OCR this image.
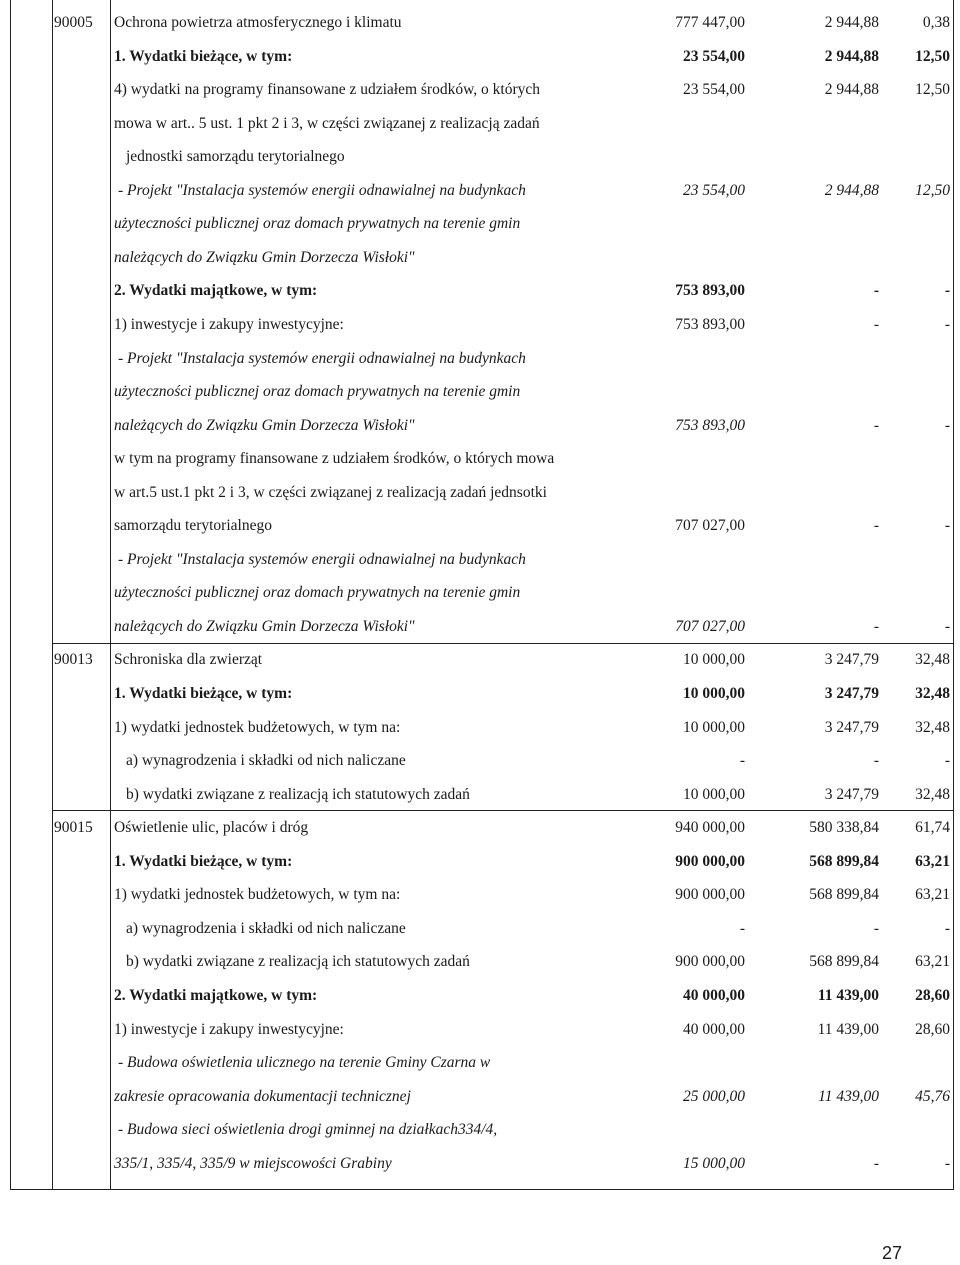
90005	Ochrona powietrza atmosferycznego i klimatu	777 447,00	2 944,88	0,38
1. Wydatki bieżące, w tym:	23 554,00	2 944,88	12,50
4) wydatki na programy finansowane z udziałem środków, o których	23 554,00	2 944,88	12,50
mowa w art.. 5 ust. 1 pkt 2 i 3, w części związanej z realizacją zadań
jednostki samorządu terytorialnego
- Projekt "Instalacja systemów energii odnawialnej na budynkach	23 554,00	2 944,88	12,50
użyteczności publicznej oraz domach prywatnych na terenie gmin
należących do Związku Gmin Dorzecza Wisłoki"
2. Wydatki majątkowe, w tym:	753 893,00	-	-
1) inwestycje i zakupy inwestycyjne:	753 893,00	-	-
- Projekt "Instalacja systemów energii odnawialnej na budynkach
użyteczności publicznej oraz domach prywatnych na terenie gmin
należących do Związku Gmin Dorzecza Wisłoki"	753 893,00	-	-
w tym na programy finansowane z udziałem środków, o których mowa
w art.5 ust.1 pkt 2 i 3, w części związanej z realizacją zadań jednsotki
samorządu terytorialnego	707 027,00	-	-
- Projekt "Instalacja systemów energii odnawialnej na budynkach
użyteczności publicznej oraz domach prywatnych na terenie gmin
należących do Związku Gmin Dorzecza Wisłoki"	707 027,00	-	-
90013	Schroniska dla zwierząt	10 000,00	3 247,79	32,48
1. Wydatki bieżące, w tym:	10 000,00	3 247,79	32,48
1) wydatki jednostek budżetowych, w tym na:	10 000,00	3 247,79	32,48
a) wynagrodzenia i składki od nich naliczane	-	-	-
b) wydatki związane z realizacją ich statutowych zadań	10 000,00	3 247,79	32,48
90015	Oświetlenie ulic, placów i dróg	940 000,00	580 338,84	61,74
1. Wydatki bieżące, w tym:	900 000,00	568 899,84	63,21
1) wydatki jednostek budżetowych, w tym na:	900 000,00	568 899,84	63,21
a) wynagrodzenia i składki od nich naliczane	-	-	-
b) wydatki związane z realizacją ich statutowych zadań	900 000,00	568 899,84	63,21
2. Wydatki majątkowe, w tym:	40 000,00	11 439,00	28,60
1) inwestycje i zakupy inwestycyjne:	40 000,00	11 439,00	28,60
- Budowa oświetlenia ulicznego na terenie Gminy Czarna w
zakresie opracowania dokumentacji technicznej	25 000,00	11 439,00	45,76
- Budowa sieci oświetlenia drogi gminnej na działkach334/4,
335/1, 335/4, 335/9 w miejscowości Grabiny	15 000,00	-	-
27
